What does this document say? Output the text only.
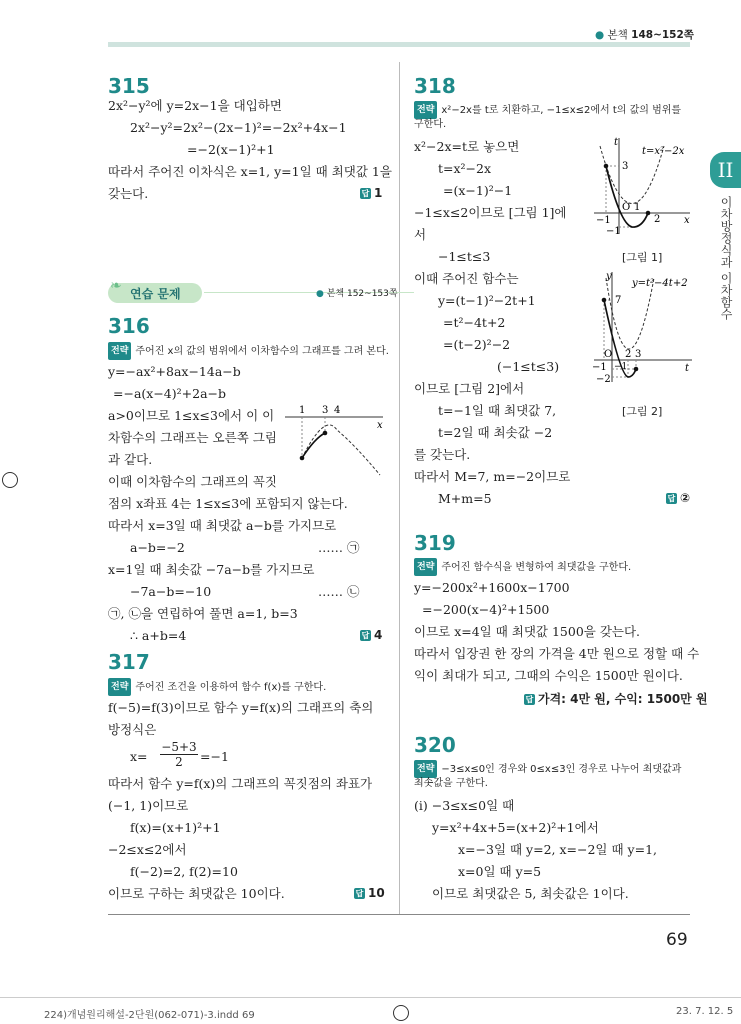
● 본책 148~152쪽
II
이차방정식과 이차함수
315
2x²−y²에 y=2x−1을 대입하면
2x²−y²=2x²−(2x−1)²=−2x²+4x−1
=−2(x−1)²+1
따라서 주어진 이차식은 x=1, y=1일 때 최댓값 1을
갖는다.	답 1
❧ 연습 문제	● 본책 152~153쪽
316
전략 주어진 x의 값의 범위에서 이차함수의 그래프를 그려 본다.
y=−ax²+8ax−14a−b
=−a(x−4)²+2a−b
a>0이므로 1≤x≤3에서 이 이
차함수의 그래프는 오른쪽 그림
과 같다.
이때 이차함수의 그래프의 꼭짓
점의 x좌표 4는 1≤x≤3에 포함되지 않는다.
따라서 x=3일 때 최댓값 a−b를 가지므로
a−b=−2	…… ㉠
x=1일 때 최솟값 −7a−b를 가지므로
−7a−b=−10	…… ㉡
㉠, ㉡을 연립하여 풀면 a=1, b=3
∴ a+b=4	답 4
1 3 4
x
317
전략 주어진 조건을 이용하여 함수 f(x)를 구한다.
f(−5)=f(3)이므로 함수 y=f(x)의 그래프의 축의
방정식은
$x= \frac{-5+3}{2} =-1$
따라서 함수 y=f(x)의 그래프의 꼭짓점의 좌표가
(−1, 1)이므로
f(x)=(x+1)²+1
−2≤x≤2에서
f(−2)=2, f(2)=10
이므로 구하는 최댓값은 10이다.	답 10
318
전략 x²−2x를 t로 치환하고, −1≤x≤2에서 t의 값의 범위를
구한다.
x²−2x=t로 놓으면
t=x²−2x
=(x−1)²−1
−1≤x≤2이므로 [그림 1]에
서
−1≤t≤3
이때 주어진 함수는
y=(t−1)²−2t+1
=t²−4t+2
=(t−2)²−2
(−1≤t≤3)
이므로 [그림 2]에서
t=−1일 때 최댓값 7,
t=2일 때 최솟값 −2
를 갖는다.
따라서 M=7, m=−2이므로
M+m=5	답 ②
t
t=x²−2x
3
O 1
2
−1
−1
x
[그림 1]
y
y=t²−4t+2
7
O 2 3
−1 −1
−2
t
[그림 2]
319
전략 주어진 함수식을 변형하여 최댓값을 구한다.
y=−200x²+1600x−1700
=−200(x−4)²+1500
이므로 x=4일 때 최댓값 1500을 갖는다.
따라서 입장권 한 장의 가격을 4만 원으로 정할 때 수
익이 최대가 되고, 그때의 수익은 1500만 원이다.
답 가격: 4만 원, 수익: 1500만 원
320
전략 −3≤x≤0인 경우와 0≤x≤3인 경우로 나누어 최댓값과
최솟값을 구한다.
(i) −3≤x≤0일 때
y=x²+4x+5=(x+2)²+1에서
x=−3일 때 y=2, x=−2일 때 y=1,
x=0일 때 y=5
이므로 최댓값은 5, 최솟값은 1이다.
69
224)개념원리해설-2단원(062-071)-3.indd 69	23. 7. 12. 5
